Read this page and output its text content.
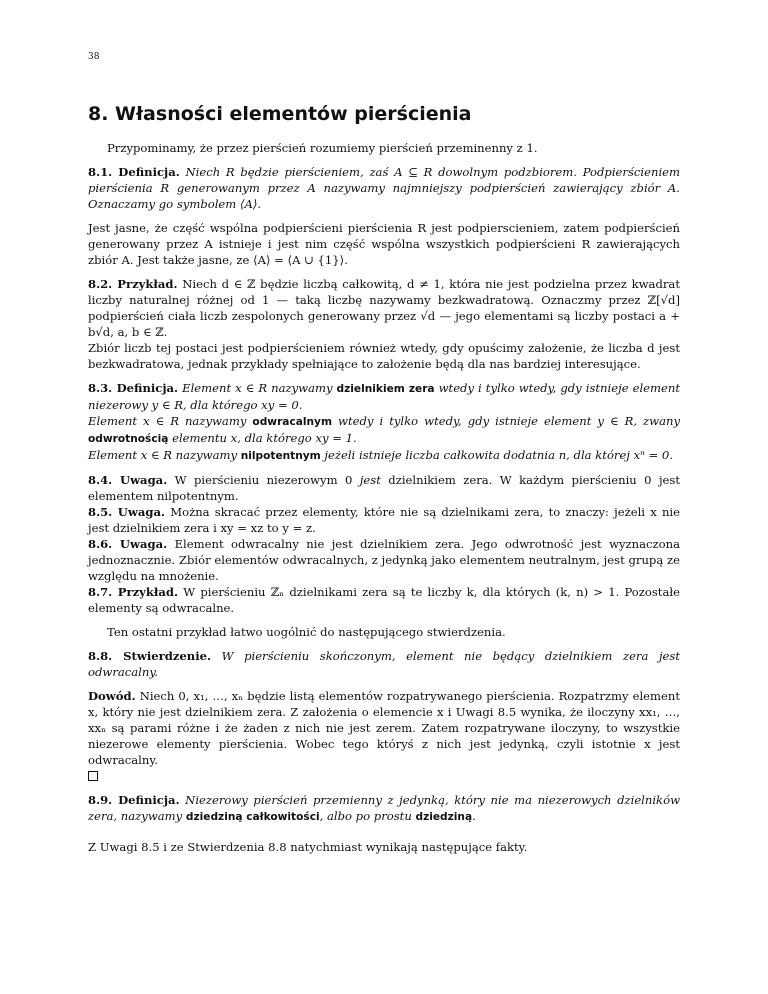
38
8. Własności elementów pierścienia

Przypominamy, że przez pierścień rozumiemy pierścień przeminenny z 1.

8.1. Definicja. Niech R będzie pierścieniem, zaś A ⊆ R dowolnym podzbiorem. Podpierścieniem pierścienia R generowanym przez A nazywamy najmniejszy podpierścień zawierający zbiór A. Oznaczamy go symbolem ⟨A⟩.

Jest jasne, że część wspólna podpierścieni pierścienia R jest podpierscieniem, zatem podpierścień generowany przez A istnieje i jest nim część wspólna wszystkich podpierścieni R zawierających zbiór A. Jest także jasne, ze ⟨A⟩ = ⟨A ∪ {1}⟩.

8.2. Przykład. Niech d ∈ ℤ będzie liczbą całkowitą, d ≠ 1, która nie jest podzielna przez kwadrat liczby naturalnej różnej od 1 — taką liczbę nazywamy bezkwadratową. Oznaczmy przez ℤ[√d] podpierścień ciała liczb zespolonych generowany przez √d — jego elementami są liczby postaci a + b√d, a, b ∈ ℤ.

Zbiór liczb tej postaci jest podpierścieniem również wtedy, gdy opuścimy założenie, że liczba d jest bezkwadratowa, jednak przykłady spełniające to założenie będą dla nas bardziej interesujące.

8.3. Definicja. Element x ∈ R nazywamy dzielnikiem zera wtedy i tylko wtedy, gdy istnieje element niezerowy y ∈ R, dla którego xy = 0.
Element x ∈ R nazywamy odwracalnym wtedy i tylko wtedy, gdy istnieje element y ∈ R, zwany odwrotnością elementu x, dla którego xy = 1.
Element x ∈ R nazywamy nilpotentnym jeżeli istnieje liczba całkowita dodatnia n, dla której xⁿ = 0.

8.4. Uwaga. W pierścieniu niezerowym 0 jest dzielnikiem zera. W każdym pierścieniu 0 jest elementem nilpotentnym.
8.5. Uwaga. Można skracać przez elementy, które nie są dzielnikami zera, to znaczy: jeżeli x nie jest dzielnikiem zera i xy = xz to y = z.
8.6. Uwaga. Element odwracalny nie jest dzielnikiem zera. Jego odwrotność jest wyznaczona jednoznacznie. Zbiór elementów odwracalnych, z jedynką jako elementem neutralnym, jest grupą ze względu na mnożenie.
8.7. Przykład. W pierścieniu ℤₙ dzielnikami zera są te liczby k, dla których (k, n) > 1. Pozostałe elementy są odwracalne.

Ten ostatni przykład łatwo uogólnić do następującego stwierdzenia.

8.8. Stwierdzenie. W pierścieniu skończonym, element nie będący dzielnikiem zera jest odwracalny.

Dowód. Niech 0, x₁, …, xₙ będzie listą elementów rozpatrywanego pierścienia. Rozpatrzmy element x, który nie jest dzielnikiem zera. Z założenia o elemencie x i Uwagi 8.5 wynika, że iloczyny xx₁, …, xxₙ są parami różne i że żaden z nich nie jest zerem. Zatem rozpatrywane iloczyny, to wszystkie niezerowe elementy pierścienia. Wobec tego któryś z nich jest jedynką, czyli istotnie x jest odwracalny.

8.9. Definicja. Niezerowy pierścień przemienny z jedynką, który nie ma niezerowych dzielników zera, nazywamy dziedziną całkowitości, albo po prostu dziedziną.

Z Uwagi 8.5 i ze Stwierdzenia 8.8 natychmiast wynikają następujące fakty.
